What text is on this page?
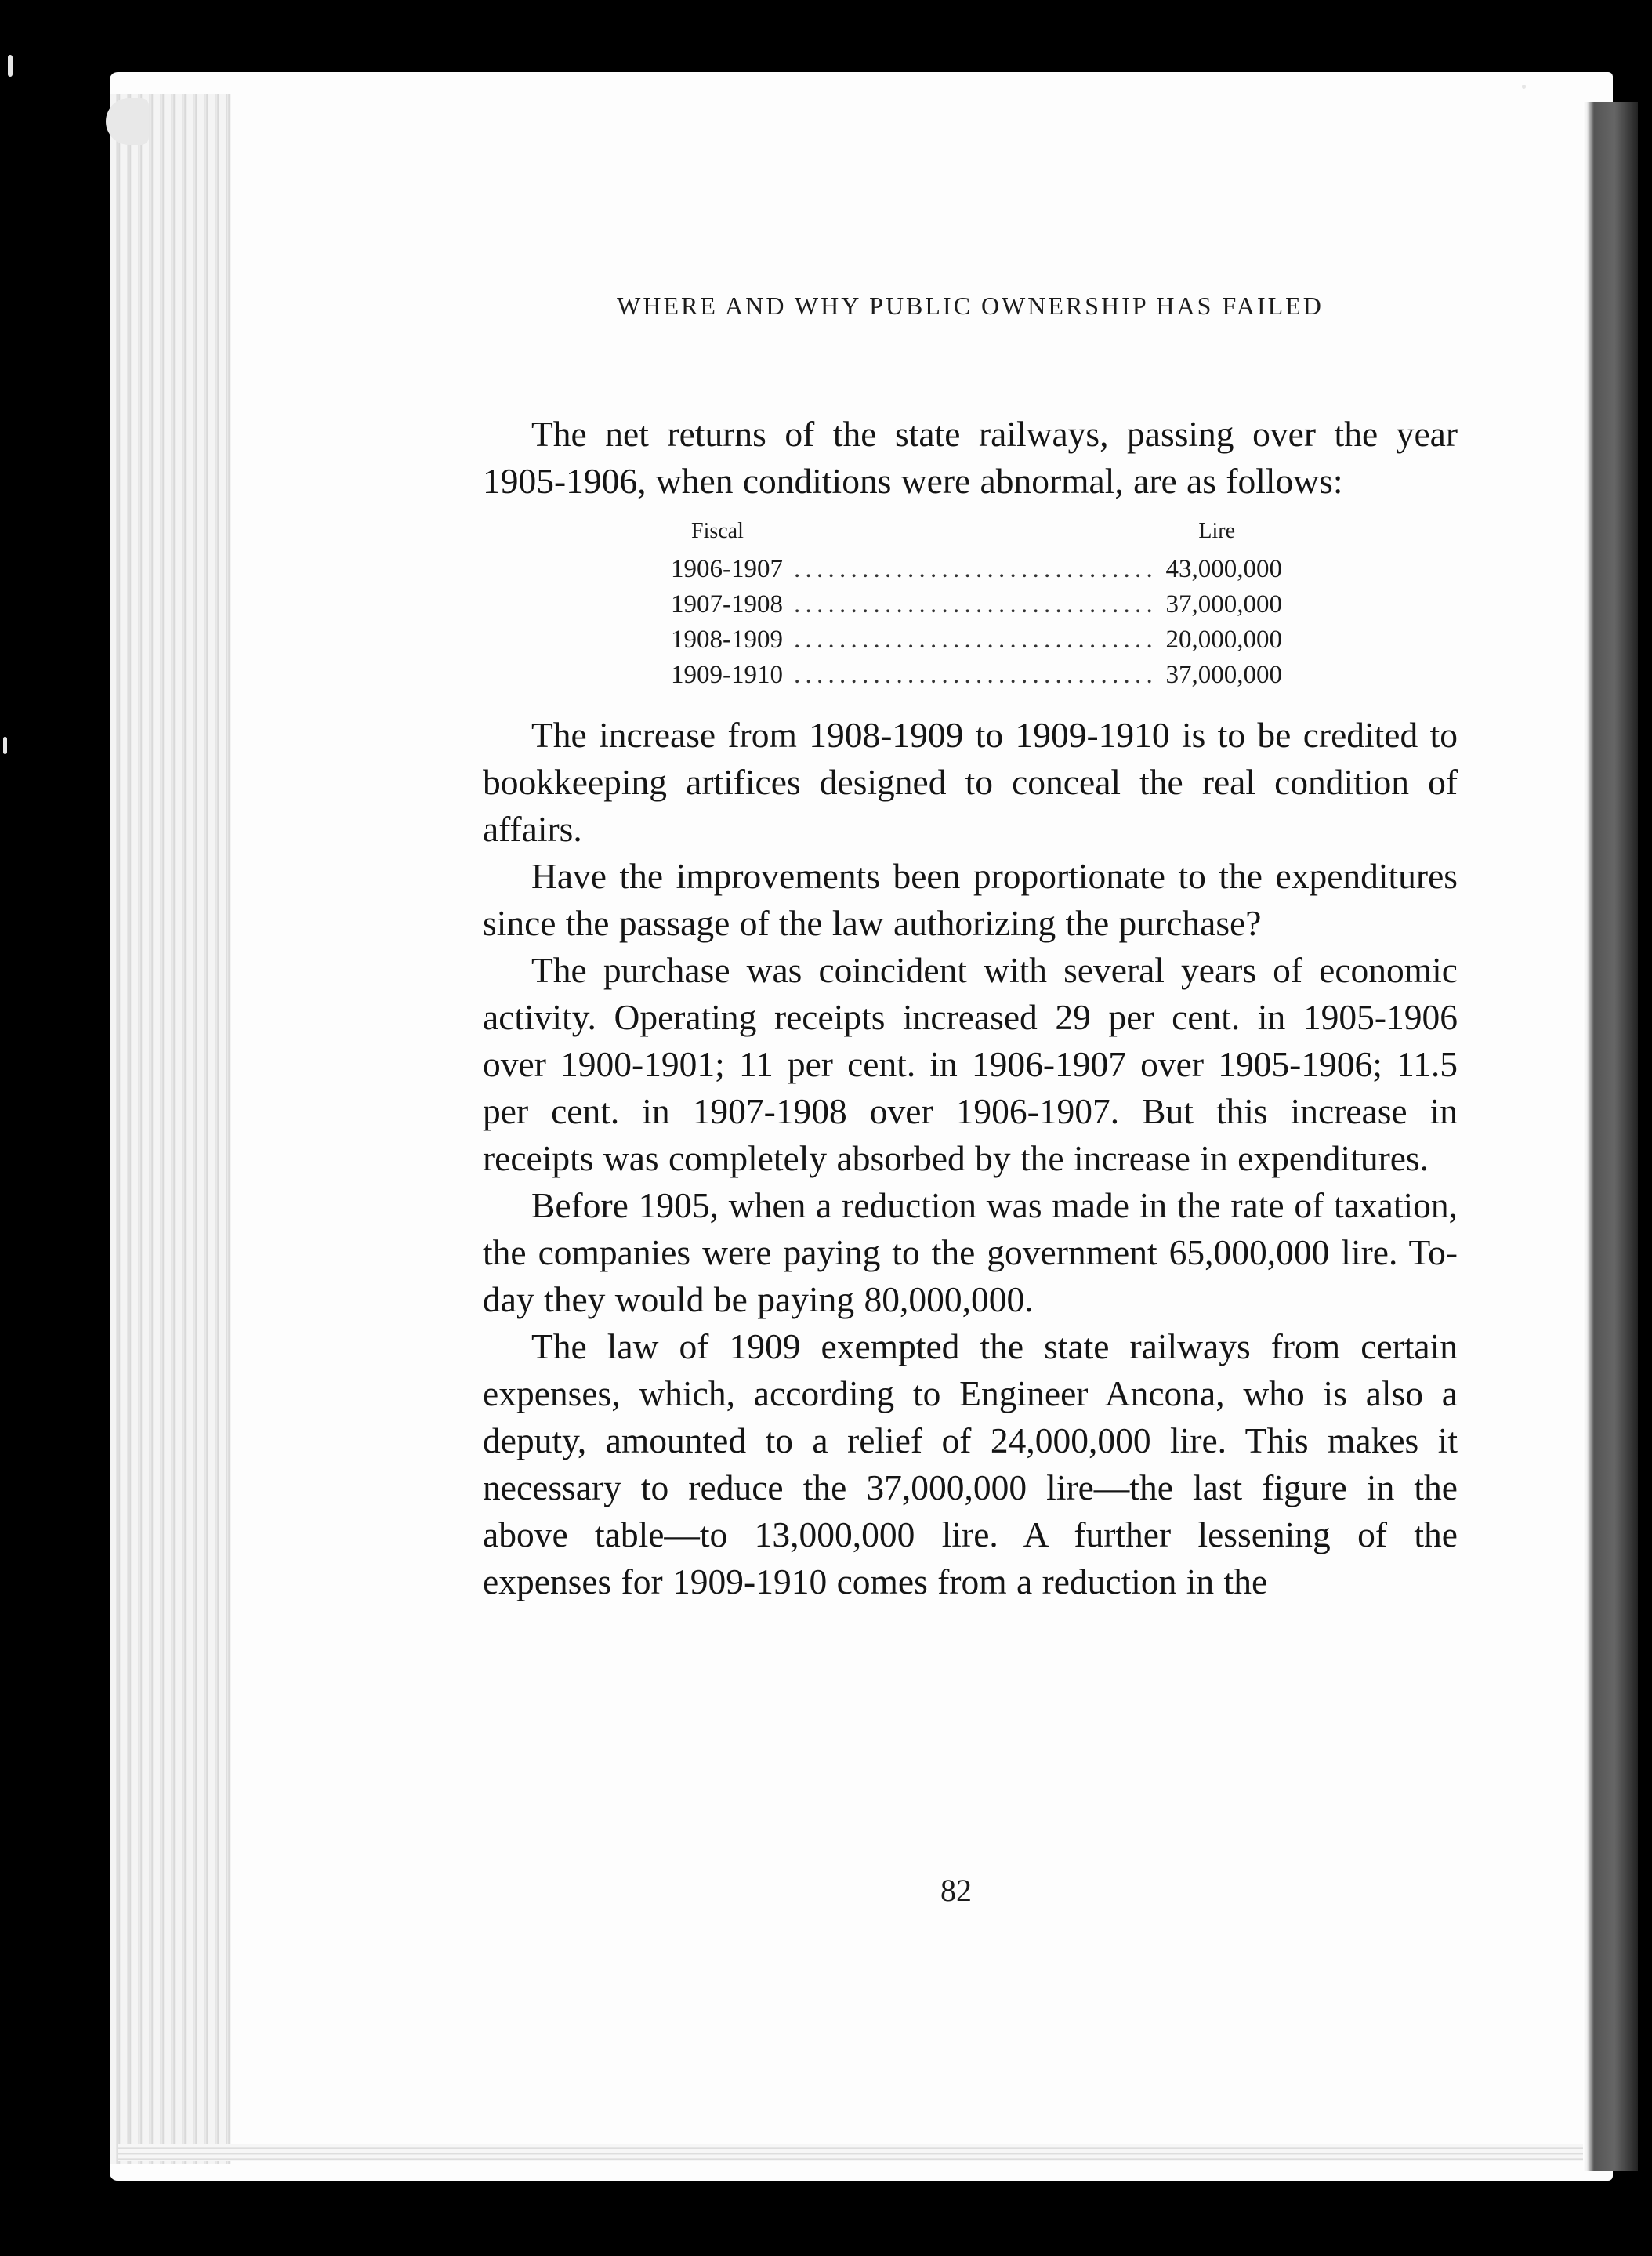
WHERE AND WHY PUBLIC OWNERSHIP HAS FAILED

The net returns of the state railways, passing over the year 1905-1906, when conditions were abnormal, are as follows:

Fiscal	Lire
1906-1907 . . .	43,000,000
1907-1908 . . .	37,000,000
1908-1909 . . .	20,000,000
1909-1910 . . .	37,000,000

The increase from 1908-1909 to 1909-1910 is to be credited to bookkeeping artifices designed to conceal the real condition of affairs.

Have the improvements been proportionate to the expenditures since the passage of the law authorizing the purchase?

The purchase was coincident with several years of economic activity. Operating receipts increased 29 per cent. in 1905-1906 over 1900-1901; 11 per cent. in 1906-1907 over 1905-1906; 11.5 per cent. in 1907-1908 over 1906-1907. But this increase in receipts was completely absorbed by the increase in expenditures.

Before 1905, when a reduction was made in the rate of taxation, the companies were paying to the government 65,000,000 lire. To-day they would be paying 80,000,000.

The law of 1909 exempted the state railways from certain expenses, which, according to Engineer Ancona, who is also a deputy, amounted to a relief of 24,000,000 lire. This makes it necessary to reduce the 37,000,000 lire—the last figure in the above table—to 13,000,000 lire. A further lessening of the expenses for 1909-1910 comes from a reduction in the

82
